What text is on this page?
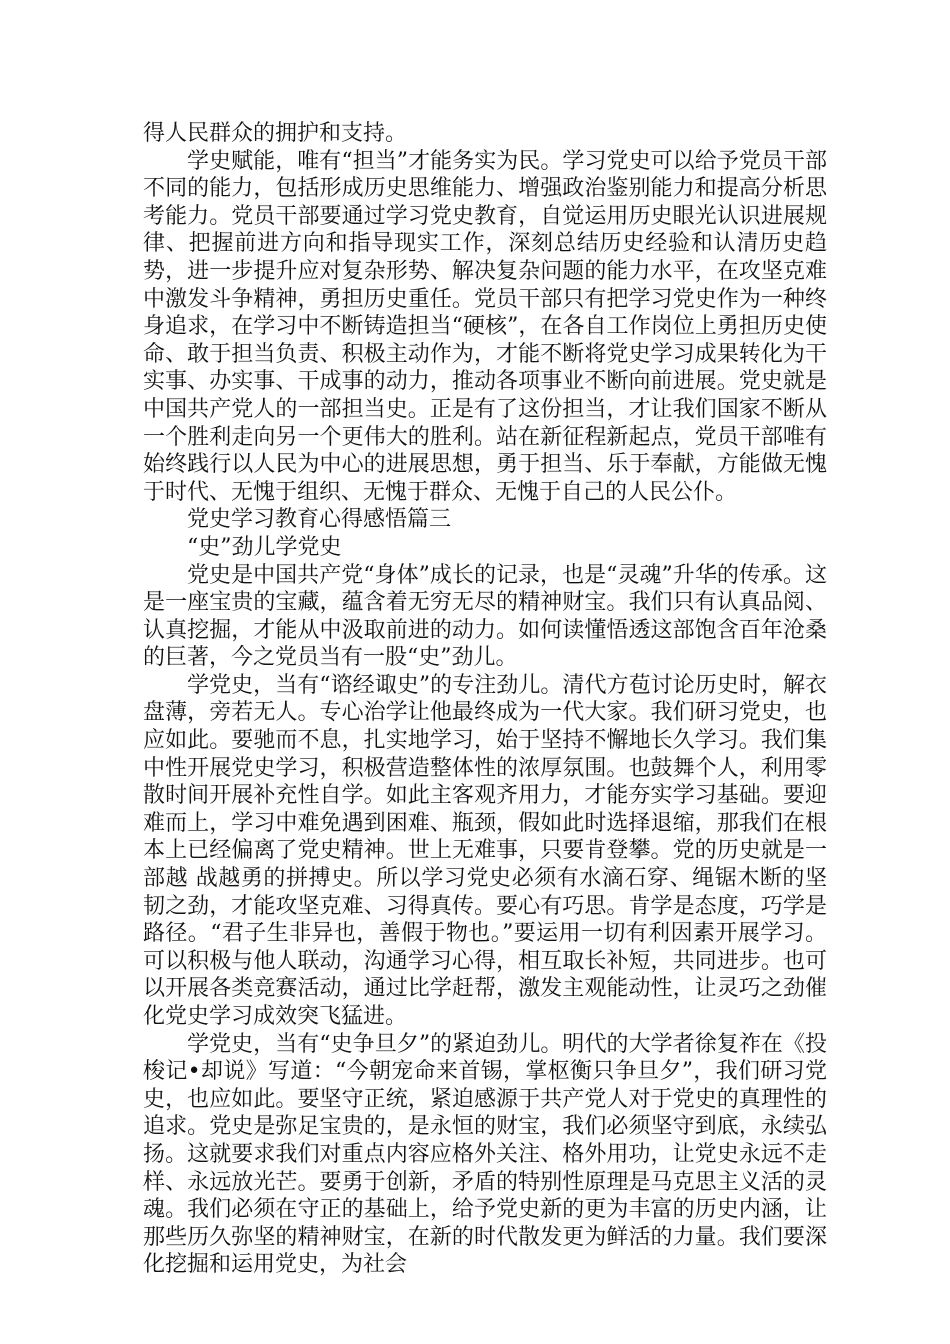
得人民群众的拥护和支持。

学史赋能，唯有“担当”才能务实为民。学习党史可以给予党员干部不同的能力，包括形成历史思维能力、增强政治鉴别能力和提高分析思考能力。党员干部要通过学习党史教育，自觉运用历史眼光认识进展规律、把握前进方向和指导现实工作，深刻总结历史经验和认清历史趋势，进一步提升应对复杂形势、解决复杂问题的能力水平，在攻坚克难中激发斗争精神，勇担历史重任。党员干部只有把学习党史作为一种终身追求，在学习中不断铸造担当“硬核”，在各自工作岗位上勇担历史使命、敢于担当负责、积极主动作为，才能不断将党史学习成果转化为干实事、办实事、干成事的动力，推动各项事业不断向前进展。党史就是中国共产党人的一部担当史。正是有了这份担当，才让我们国家不断从一个胜利走向另一个更伟大的胜利。站在新征程新起点，党员干部唯有始终践行以人民为中心的进展思想，勇于担当、乐于奉献，方能做无愧于时代、无愧于组织、无愧于群众、无愧于自己的人民公仆。

党史学习教育心得感悟篇三

“史”劲儿学党史

党史是中国共产党“身体”成长的记录，也是“灵魂”升华的传承。这是一座宝贵的宝藏，蕴含着无穷无尽的精神财宝。我们只有认真品阅、认真挖掘，才能从中汲取前进的动力。如何读懂悟透这部饱含百年沧桑的巨著，今之党员当有一股“史”劲儿。

学党史，当有“谘经诹史”的专注劲儿。清代方苞讨论历史时，解衣盘薄，旁若无人。专心治学让他最终成为一代大家。我们研习党史，也应如此。要驰而不息，扎实地学习，始于坚持不懈地长久学习。我们集中性开展党史学习，积极营造整体性的浓厚氛围。也鼓舞个人，利用零散时间开展补充性自学。如此主客观齐用力，才能夯实学习基础。要迎难而上，学习中难免遇到困难、瓶颈，假如此时选择退缩，那我们在根本上已经偏离了党史精神。世上无难事，只要肯登攀。党的历史就是一部越 战越勇的拼搏史。所以学习党史必须有水滴石穿、绳锯木断的坚韧之劲，才能攻坚克难、习得真传。要心有巧思。肯学是态度，巧学是路径。“君子生非异也，善假于物也。”要运用一切有利因素开展学习。可以积极与他人联动，沟通学习心得，相互取长补短，共同进步。也可以开展各类竞赛活动，通过比学赶帮，激发主观能动性，让灵巧之劲催化党史学习成效突飞猛进。

学党史，当有“史争旦夕”的紧迫劲儿。明代的大学者徐复祚在《投梭记•却说》写道：“今朝宠命来首锡，掌枢衡只争旦夕”，我们研习党史，也应如此。要坚守正统，紧迫感源于共产党人对于党史的真理性的追求。党史是弥足宝贵的，是永恒的财宝，我们必须坚守到底，永续弘扬。这就要求我们对重点内容应格外关注、格外用功，让党史永远不走样、永远放光芒。要勇于创新，矛盾的特别性原理是马克思主义活的灵魂。我们必须在守正的基础上，给予党史新的更为丰富的历史内涵，让那些历久弥坚的精神财宝，在新的时代散发更为鲜活的力量。我们要深化挖掘和运用党史，为社会
